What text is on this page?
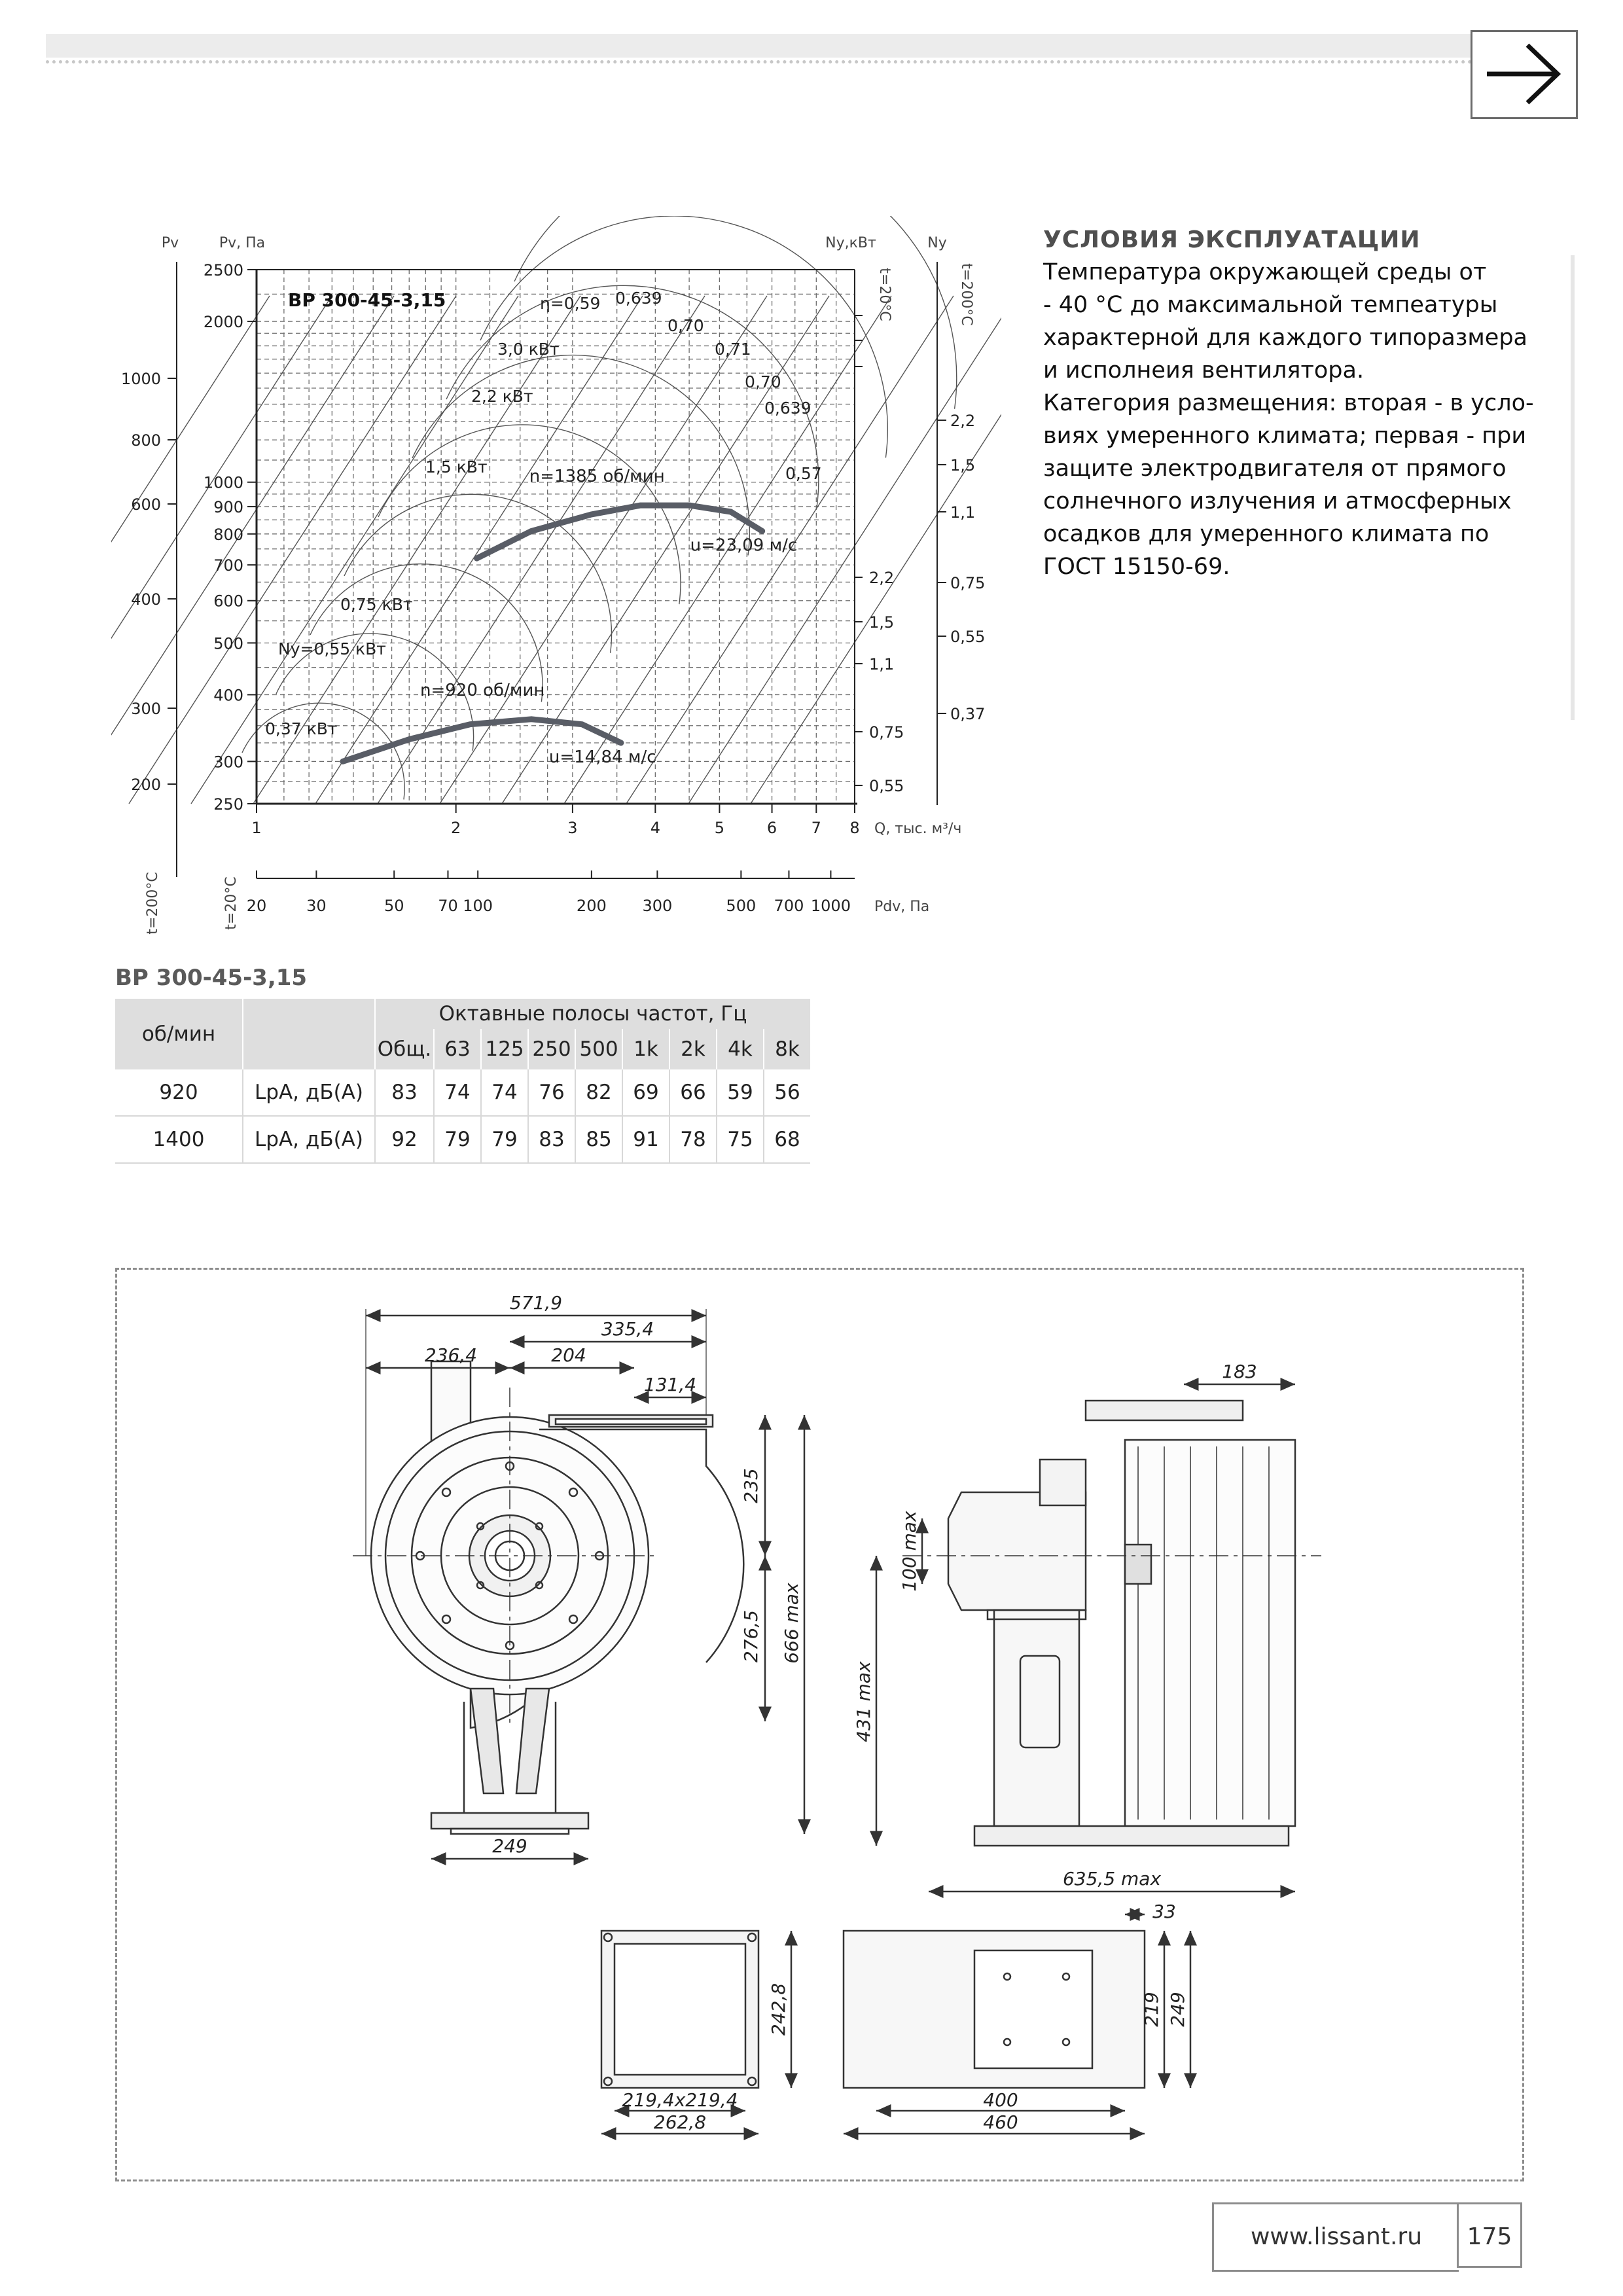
УСЛОВИЯ ЭКСПЛУАТАЦИИ

Температура окружающей среды от

- 40 °С до максимальной темпеатуры

характерной для каждого типоразмера

и исполнеия вентилятора.

Категория размещения: вторая - в усло-

виях умеренного климата; первая - при

защите электродвигателя от прямого

солнечного излучения и атмосферных

осадков для умеренного климата по

ГОСТ 15150-69.

n=1385 об/мин
u=23,09 м/с
n=920 об/мин
u=14,84 м/с
250
300
400
500
600
700
800
900
1000
2000
2500
1	2	3	4	5	6 7 8 Q, тыс. м³/ч
20	30	50 70 100	200 300	500 700 1000 Pdv, Па
200
300
400
600
800
1000
Pv	Pv, Па
2,2
1,5
1,1
0,75
0,55
2,2
1,5
1,1
0,75
0,55
0,37
Nу,кВт	Nу
t=200°С	t=20°С
t=20°С	t=200°С
ВР 300-45-3,15	η=0,59 0,639
0,70
0,71
0,70
0,639
0,57
3,0 кВт
2,2 кВт
1,5 кВт
0,75 кВт
Nу=0,55 кВт
0,37 кВт
ВР 300-45-3,15
об/мин		Октавные полосы частот, Гц								
		Общ.	63	125	250	500	1k	2k	4k	8k
920	LpA, дБ(A)	83	74	74	76	82	69	66	59	56
1400	LpA, дБ(A)	92	79	79	83	85	91	78	75	68
571,9
335,4
236,4	204
131,4
235
276,5 666 max
249
183
100 max
431 max
635,5 max
242,8
219,4x219,4
262,8
33
219 249
400
460
www.lissant.ru	175
